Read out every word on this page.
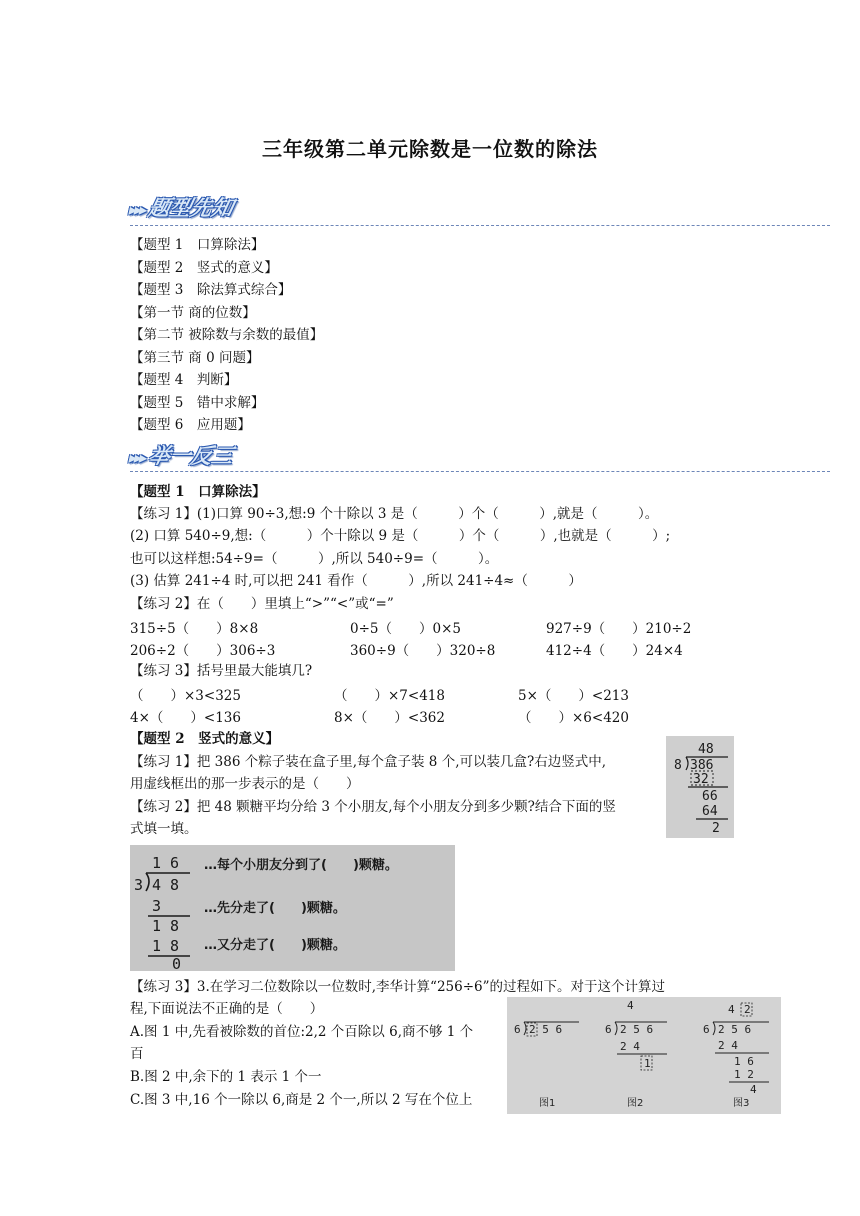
三年级第二单元除数是一位数的除法
▸▸▸题型先知
【题型 1　口算除法】
【题型 2　竖式的意义】
【题型 3　除法算式综合】
【第一节 商的位数】
【第二节 被除数与余数的最值】
【第三节 商 0 问题】
【题型 4　判断】
【题型 5　错中求解】
【题型 6　应用题】
▸▸▸举一反三
【题型 1　口算除法】
【练习 1】(1)口算 90÷3,想:9 个十除以 3 是（　　　）个（　　　）,就是（　　　）。
(2) 口算 540÷9,想:（　　　）个十除以 9 是（　　　）个（　　　）,也就是（　　　）;
也可以这样想:54÷9=（　　　）,所以 540÷9=（　　　）。
(3) 估算 241÷4 时,可以把 241 看作（　　　）,所以 241÷4≈（　　　）
【练习 2】在（　　）里填上“>”“<”或“=”
315÷5（　　）8×8	0÷5（　　）0×5	927÷9（　　）210÷2
206÷2（　　）306÷3	360÷9（　　）320÷8	412÷4（　　）24×4
【练习 3】括号里最大能填几?
（　　）×3<325	（　　）×7<418	5×（　　）<213
4×（　　）<136	8×（　　）<362	（　　）×6<420
【题型 2　竖式的意义】
【练习 1】把 386 个粽子装在盒子里,每个盒子装 8 个,可以装几盒?右边竖式中,
用虚线框出的那一步表示的是（　　）
【练习 2】把 48 颗糖平均分给 3 个小朋友,每个小朋友分到多少颗?结合下面的竖
式填一填。
48
8 386
32
66
64
2
1 6
3 4 8
3
1 8
1 8
0
…每个小朋友分到了(　　)颗糖。
…先分走了(　　)颗糖。
…又分走了(　　)颗糖。
【练习 3】3.在学习二位数除以一位数时,李华计算“256÷6”的过程如下。对于这个计算过
程,下面说法不正确的是（　　）
A.图 1 中,先看被除数的首位:2,2 个百除以 6,商不够 1 个
百
B.图 2 中,余下的 1 表示 1 个一
C.图 3 中,16 个一除以 6,商是 2 个一,所以 2 写在个位上
6 2 5 6
图1
4
6 2 5 6
2 4
1
图2
4 2
6 2 5 6
2 4
1 6
1 2
4
图3
